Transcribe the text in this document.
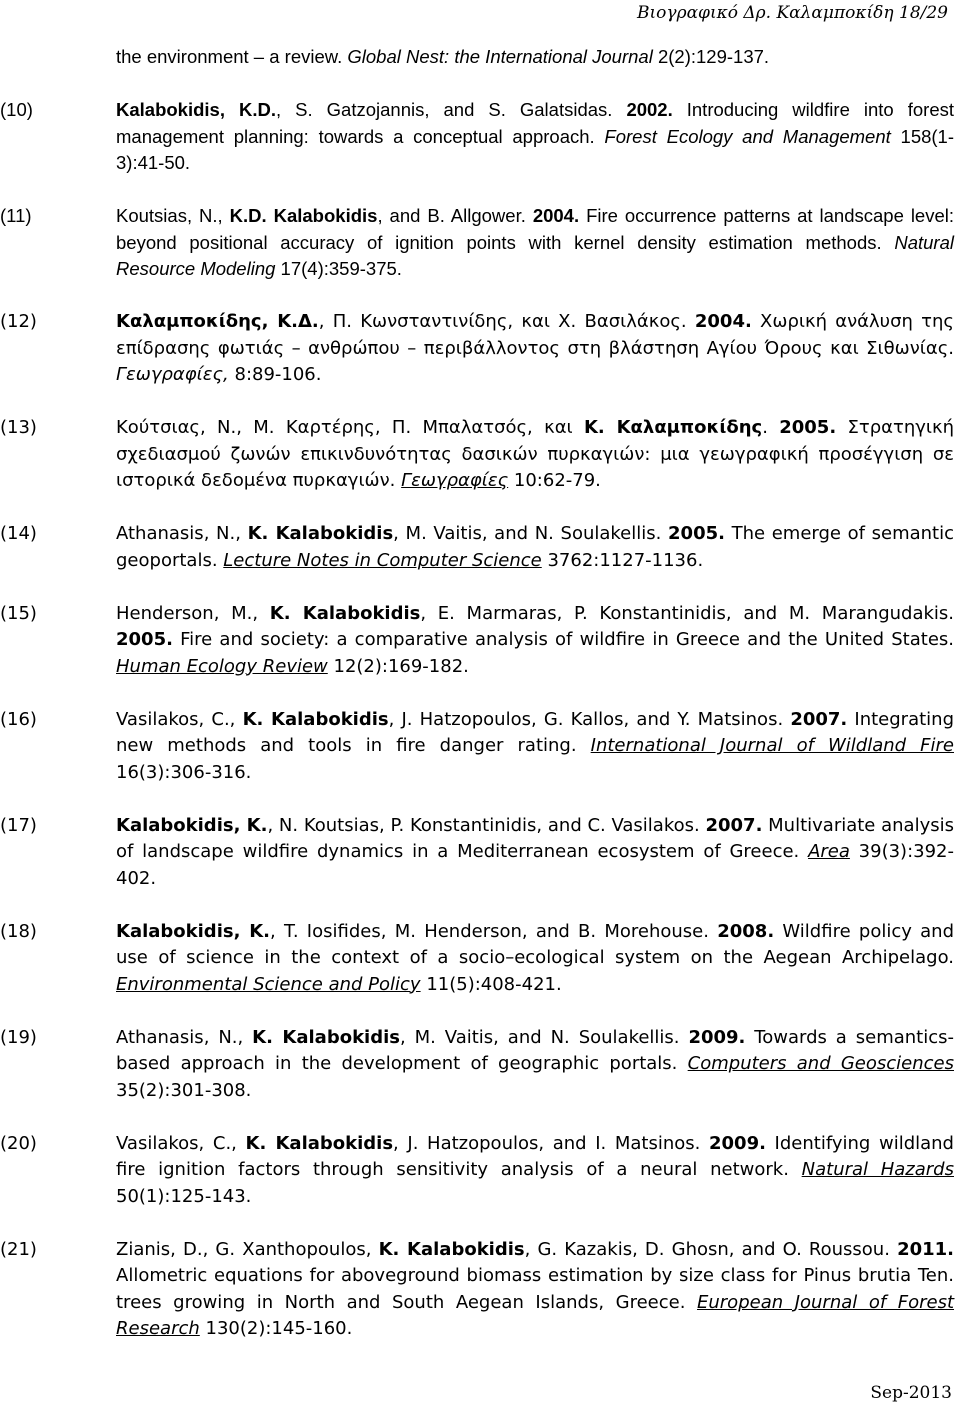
Βιογραφικό Δρ. Καλαμποκίδη 18/29
the environment – a review. Global Nest: the International Journal 2(2):129-137.
(10)	Kalabokidis, K.D., S. Gatzojannis, and S. Galatsidas. 2002. Introducing wildfire into forest management planning: towards a conceptual approach. Forest Ecology and Management 158(1-3):41-50.
(11)	Koutsias, N., K.D. Kalabokidis, and B. Allgower. 2004. Fire occurrence patterns at landscape level: beyond positional accuracy of ignition points with kernel density estimation methods. Natural Resource Modeling 17(4):359-375.
(12)	Καλαμποκίδης, Κ.Δ., Π. Κωνσταντινίδης, και Χ. Βασιλάκος. 2004. Χωρική ανάλυση της επίδρασης φωτιάς – ανθρώπου – περιβάλλοντος στη βλάστηση Αγίου Όρους και Σιθωνίας. Γεωγραφίες, 8:89-106.
(13)	Κούτσιας, Ν., Μ. Καρτέρης, Π. Μπαλατσός, και Κ. Καλαμποκίδης. 2005. Στρατηγική σχεδιασμού ζωνών επικινδυνότητας δασικών πυρκαγιών: μια γεωγραφική προσέγγιση σε ιστορικά δεδομένα πυρκαγιών. Γεωγραφίες 10:62-79.
(14)	Athanasis, N., K. Kalabokidis, M. Vaitis, and N. Soulakellis. 2005. The emerge of semantic geoportals. Lecture Notes in Computer Science 3762:1127-1136.
(15)	Henderson, M., K. Kalabokidis, E. Marmaras, P. Konstantinidis, and M. Marangudakis. 2005. Fire and society: a comparative analysis of wildfire in Greece and the United States. Human Ecology Review 12(2):169-182.
(16)	Vasilakos, C., K. Kalabokidis, J. Hatzopoulos, G. Kallos, and Y. Matsinos. 2007. Integrating new methods and tools in fire danger rating. International Journal of Wildland Fire 16(3):306-316.
(17)	Kalabokidis, K., N. Koutsias, P. Konstantinidis, and C. Vasilakos. 2007. Multivariate analysis of landscape wildfire dynamics in a Mediterranean ecosystem of Greece. Area 39(3):392-402.
(18)	Kalabokidis, K., T. Iosifides, M. Henderson, and B. Morehouse. 2008. Wildfire policy and use of science in the context of a socio–ecological system on the Aegean Archipelago. Environmental Science and Policy 11(5):408-421.
(19)	Athanasis, N., K. Kalabokidis, M. Vaitis, and N. Soulakellis. 2009. Towards a semantics-based approach in the development of geographic portals. Computers and Geosciences 35(2):301-308.
(20)	Vasilakos, C., K. Kalabokidis, J. Hatzopoulos, and I. Matsinos. 2009. Identifying wildland fire ignition factors through sensitivity analysis of a neural network. Natural Hazards 50(1):125-143.
(21)	Zianis, D., G. Xanthopoulos, K. Kalabokidis, G. Kazakis, D. Ghosn, and O. Roussou. 2011. Allometric equations for aboveground biomass estimation by size class for Pinus brutia Ten. trees growing in North and South Aegean Islands, Greece. European Journal of Forest Research 130(2):145-160.
Sep-2013
